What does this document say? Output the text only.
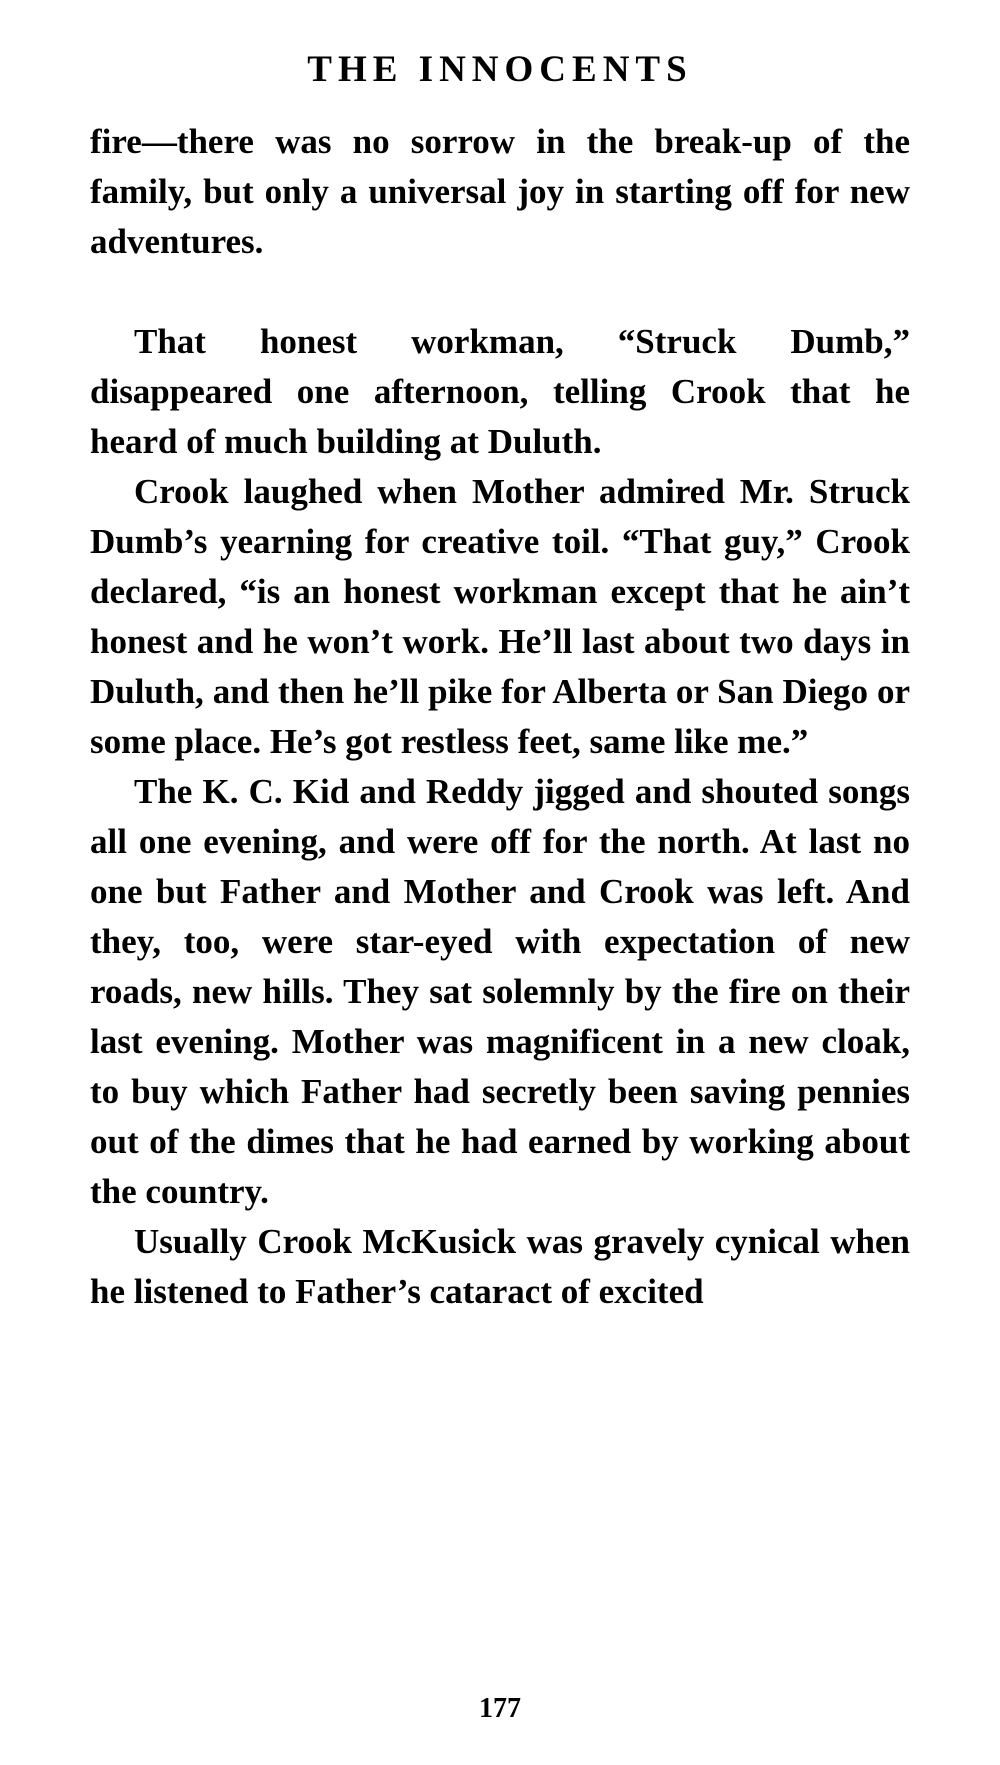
THE INNOCENTS

fire—there was no sorrow in the break-up of the family, but only a universal joy in starting off for new adventures.

That honest workman, “Struck Dumb,” disappeared one afternoon, telling Crook that he heard of much building at Duluth.

Crook laughed when Mother admired Mr. Struck Dumb’s yearning for creative toil. “That guy,” Crook declared, “is an honest workman except that he ain’t honest and he won’t work. He’ll last about two days in Duluth, and then he’ll pike for Alberta or San Diego or some place. He’s got restless feet, same like me.”

The K. C. Kid and Reddy jigged and shouted songs all one evening, and were off for the north. At last no one but Father and Mother and Crook was left. And they, too, were star-eyed with expectation of new roads, new hills. They sat solemnly by the fire on their last evening. Mother was magnificent in a new cloak, to buy which Father had secretly been saving pennies out of the dimes that he had earned by working about the country.

Usually Crook McKusick was gravely cynical when he listened to Father’s cataract of excited

177
